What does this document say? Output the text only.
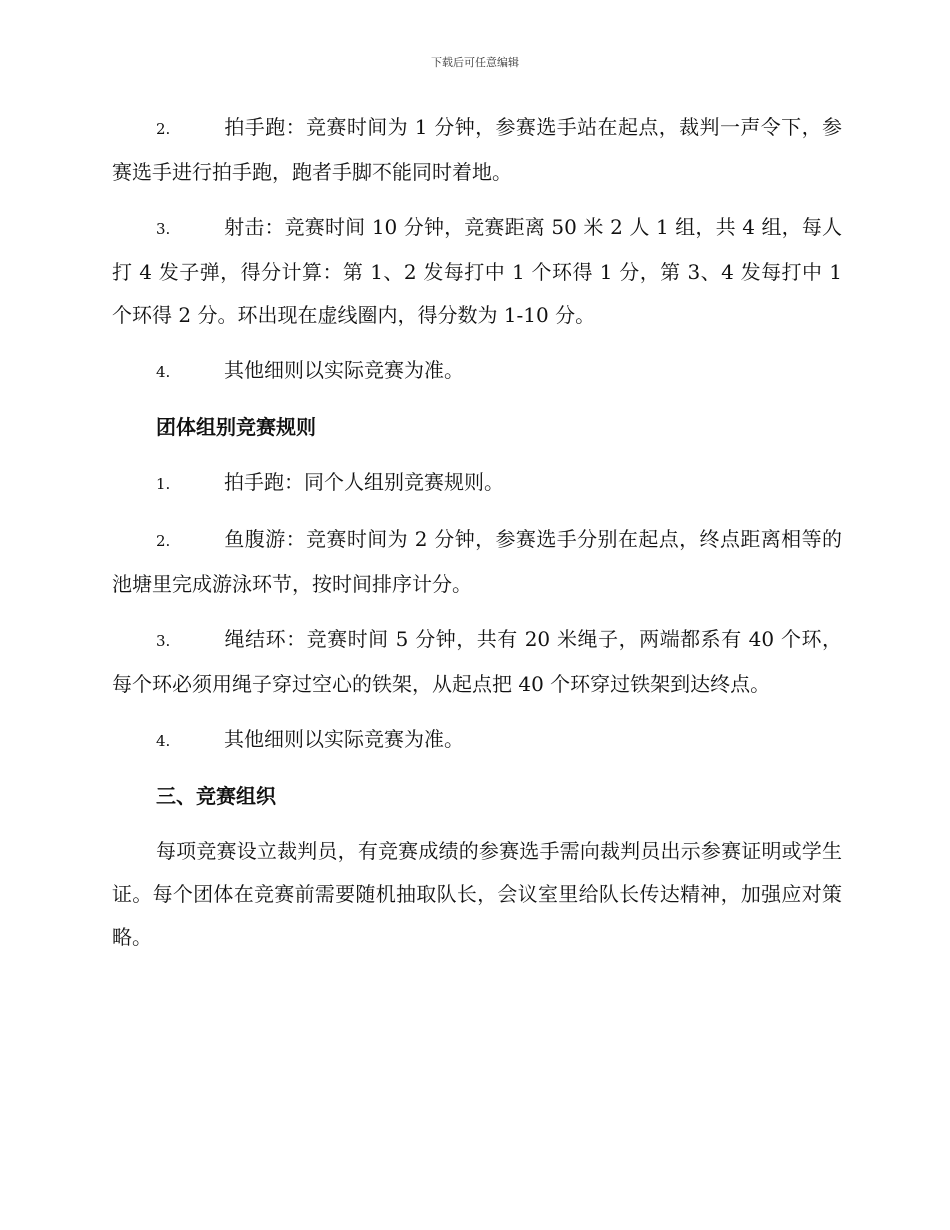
下载后可任意编辑
2.	拍手跑：竞赛时间为 1 分钟，参赛选手站在起点，裁判一声令下，参赛选手进行拍手跑，跑者手脚不能同时着地。
3.	射击：竞赛时间 10 分钟，竞赛距离 50 米 2 人 1 组，共 4 组，每人打 4 发子弹，得分计算：第 1、2 发每打中 1 个环得 1 分，第 3、4 发每打中 1 个环得 2 分。环出现在虚线圈内，得分数为 1-10 分。
4.	其他细则以实际竞赛为准。
团体组别竞赛规则
1.	拍手跑：同个人组别竞赛规则。
2.	鱼腹游：竞赛时间为 2 分钟，参赛选手分别在起点，终点距离相等的池塘里完成游泳环节，按时间排序计分。
3.	绳结环：竞赛时间 5 分钟，共有 20 米绳子，两端都系有 40 个环，每个环必须用绳子穿过空心的铁架，从起点把 40 个环穿过铁架到达终点。
4.	其他细则以实际竞赛为准。
三、竞赛组织
每项竞赛设立裁判员，有竞赛成绩的参赛选手需向裁判员出示参赛证明或学生证。每个团体在竞赛前需要随机抽取队长，会议室里给队长传达精神，加强应对策略。
